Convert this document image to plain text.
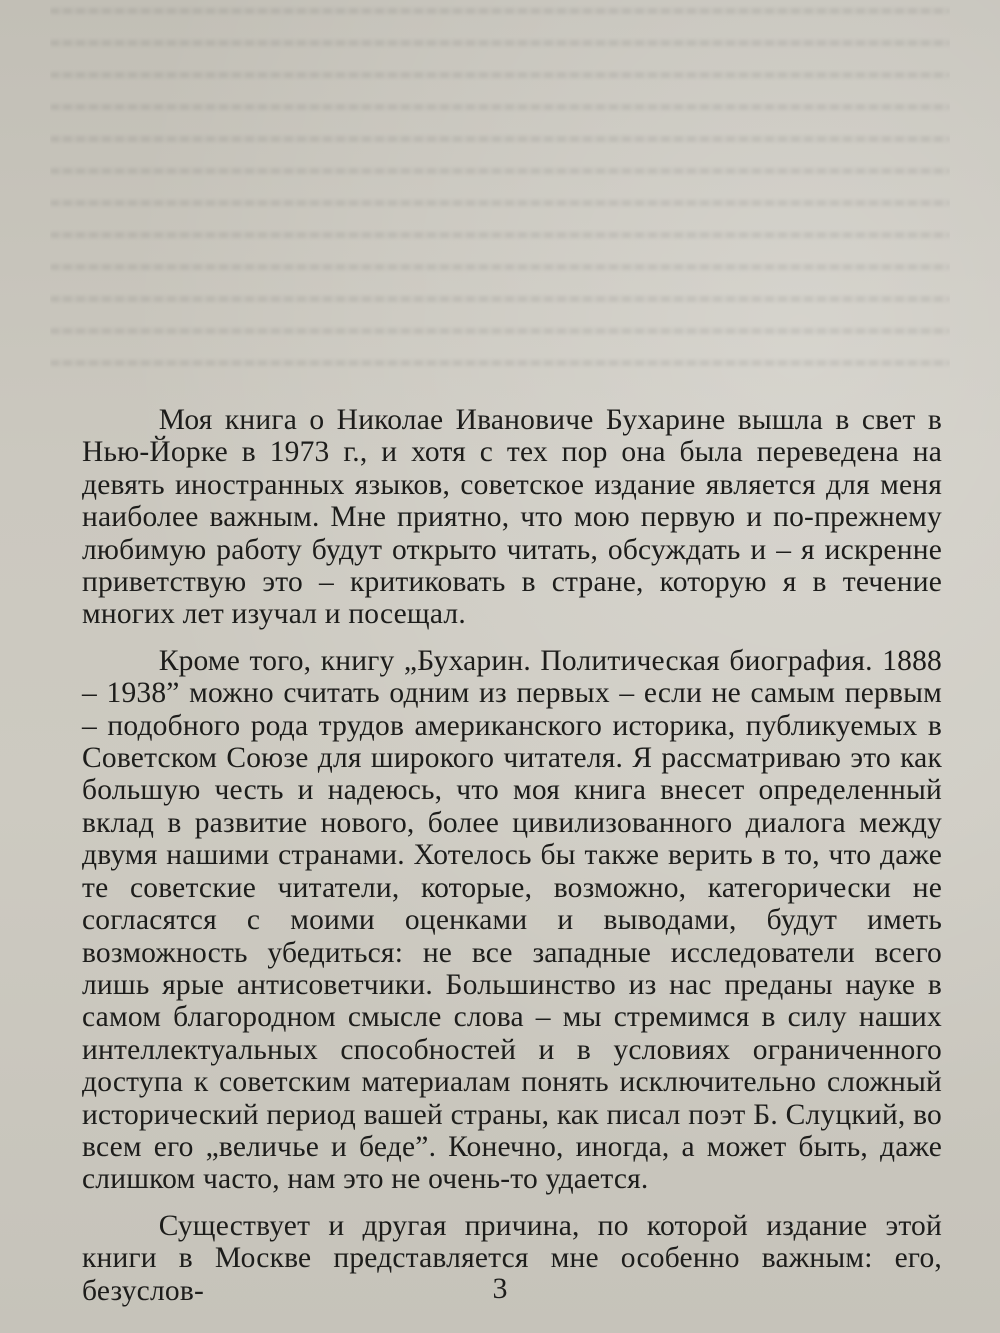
Моя книга о Николае Ивановиче Бухарине вышла в свет в Нью-Йорке в 1973 г., и хотя с тех пор она была переведена на девять иностранных языков, советское издание является для меня наиболее важным. Мне приятно, что мою первую и по-прежнему любимую работу будут открыто читать, обсуждать и – я искренне приветствую это – критиковать в стране, которую я в течение многих лет изучал и посещал.

Кроме того, книгу „Бухарин. Политическая биография. 1888 – 1938” можно считать одним из первых – если не самым первым – подобного рода трудов американского историка, публикуемых в Советском Союзе для широкого читателя. Я рассматриваю это как большую честь и надеюсь, что моя книга внесет определенный вклад в развитие нового, более цивилизованного диалога между двумя нашими странами. Хотелось бы также верить в то, что даже те советские читатели, которые, возможно, категорически не согласятся с моими оценками и выводами, будут иметь возможность убедиться: не все западные исследователи всего лишь ярые антисоветчики. Большинство из нас преданы науке в самом благородном смысле слова – мы стремимся в силу наших интеллектуальных способностей и в условиях ограниченного доступа к советским материалам понять исключительно сложный исторический период вашей страны, как писал поэт Б. Слуцкий, во всем его „величье и беде”. Конечно, иногда, а может быть, даже слишком часто, нам это не очень-то удается.

Существует и другая причина, по которой издание этой книги в Москве представляется мне особенно важным: его, безуслов-	3
